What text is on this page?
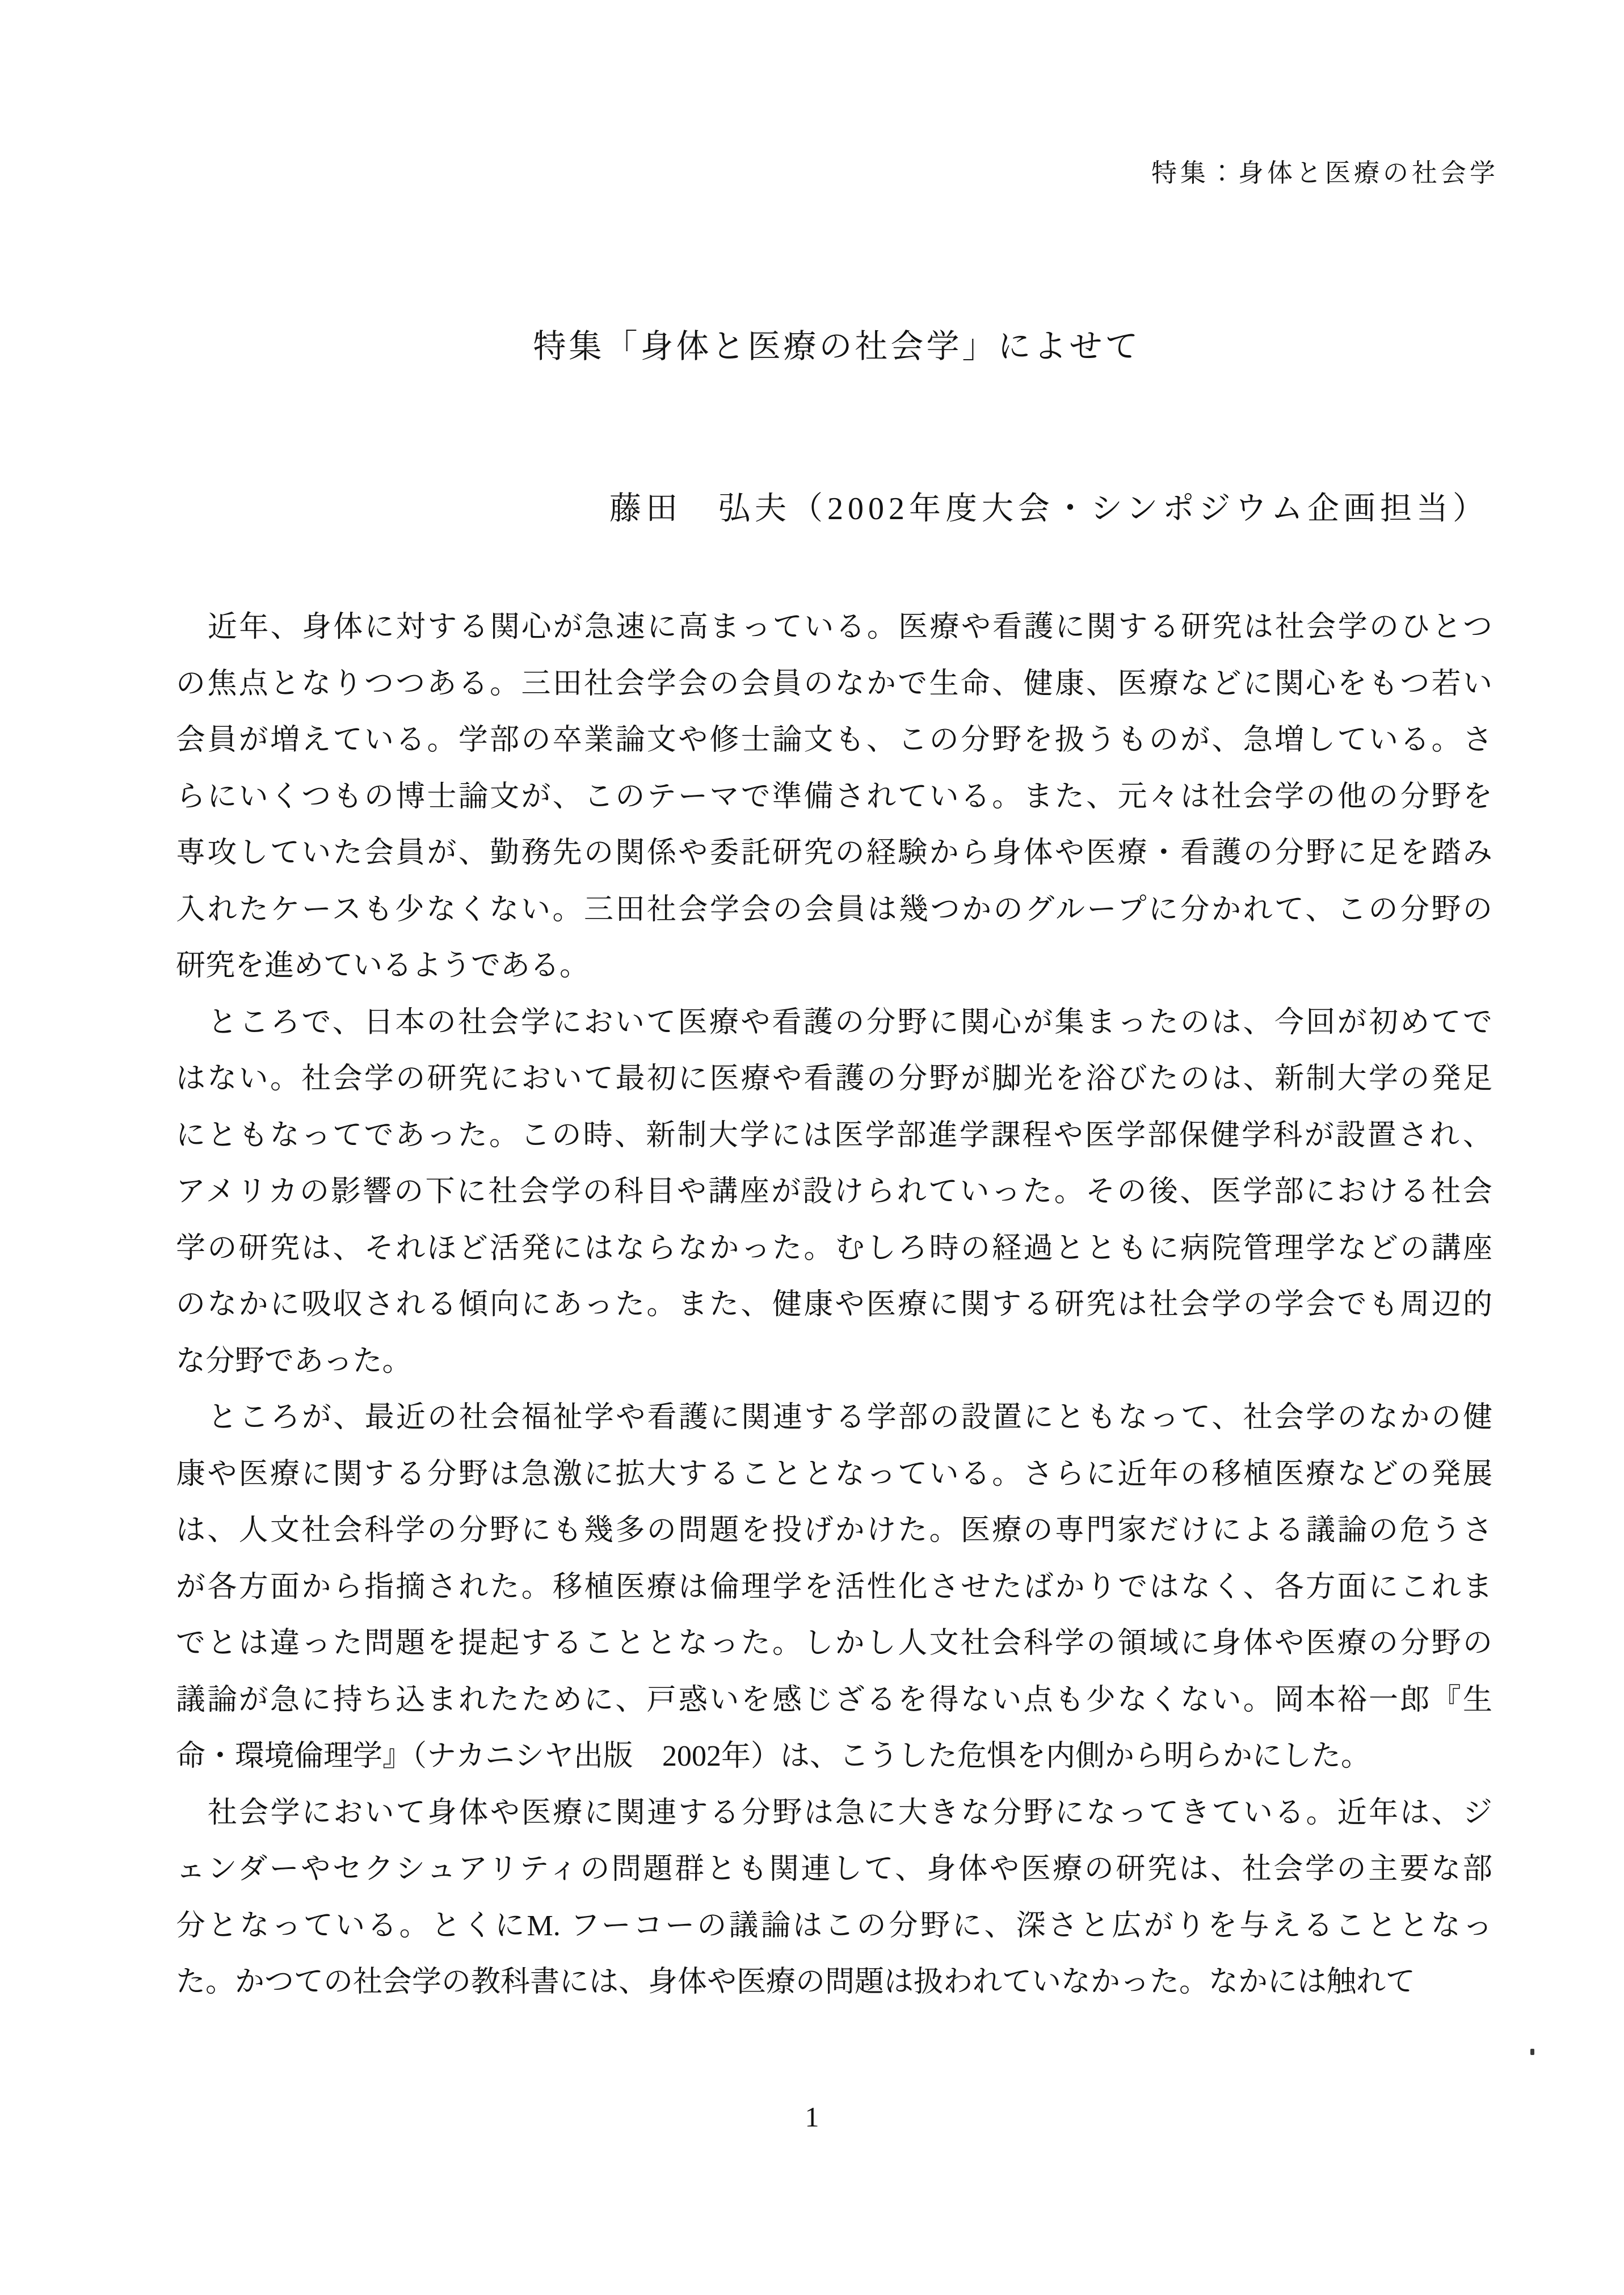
特集：身体と医療の社会学
特集「身体と医療の社会学」によせて
藤田　弘夫（2002年度大会・シンポジウム企画担当）
近年、身体に対する関心が急速に高まっている。医療や看護に関する研究は社会学のひとつ
の焦点となりつつある。三田社会学会の会員のなかで生命、健康、医療などに関心をもつ若い
会員が増えている。学部の卒業論文や修士論文も、この分野を扱うものが、急増している。さ
らにいくつもの博士論文が、このテーマで準備されている。また、元々は社会学の他の分野を
専攻していた会員が、勤務先の関係や委託研究の経験から身体や医療・看護の分野に足を踏み
入れたケースも少なくない。三田社会学会の会員は幾つかのグループに分かれて、この分野の
研究を進めているようである。
ところで、日本の社会学において医療や看護の分野に関心が集まったのは、今回が初めてで
はない。社会学の研究において最初に医療や看護の分野が脚光を浴びたのは、新制大学の発足
にともなってであった。この時、新制大学には医学部進学課程や医学部保健学科が設置され、
アメリカの影響の下に社会学の科目や講座が設けられていった。その後、医学部における社会
学の研究は、それほど活発にはならなかった。むしろ時の経過とともに病院管理学などの講座
のなかに吸収される傾向にあった。また、健康や医療に関する研究は社会学の学会でも周辺的
な分野であった。
ところが、最近の社会福祉学や看護に関連する学部の設置にともなって、社会学のなかの健
康や医療に関する分野は急激に拡大することとなっている。さらに近年の移植医療などの発展
は、人文社会科学の分野にも幾多の問題を投げかけた。医療の専門家だけによる議論の危うさ
が各方面から指摘された。移植医療は倫理学を活性化させたばかりではなく、各方面にこれま
でとは違った問題を提起することとなった。しかし人文社会科学の領域に身体や医療の分野の
議論が急に持ち込まれたために、戸惑いを感じざるを得ない点も少なくない。岡本裕一郎『生
命・環境倫理学』（ナカニシヤ出版　2002年）は、こうした危惧を内側から明らかにした。
社会学において身体や医療に関連する分野は急に大きな分野になってきている。近年は、ジ
ェンダーやセクシュアリティの問題群とも関連して、身体や医療の研究は、社会学の主要な部
分となっている。とくにM. フーコーの議論はこの分野に、深さと広がりを与えることとなっ
た。かつての社会学の教科書には、身体や医療の問題は扱われていなかった。なかには触れて
1
